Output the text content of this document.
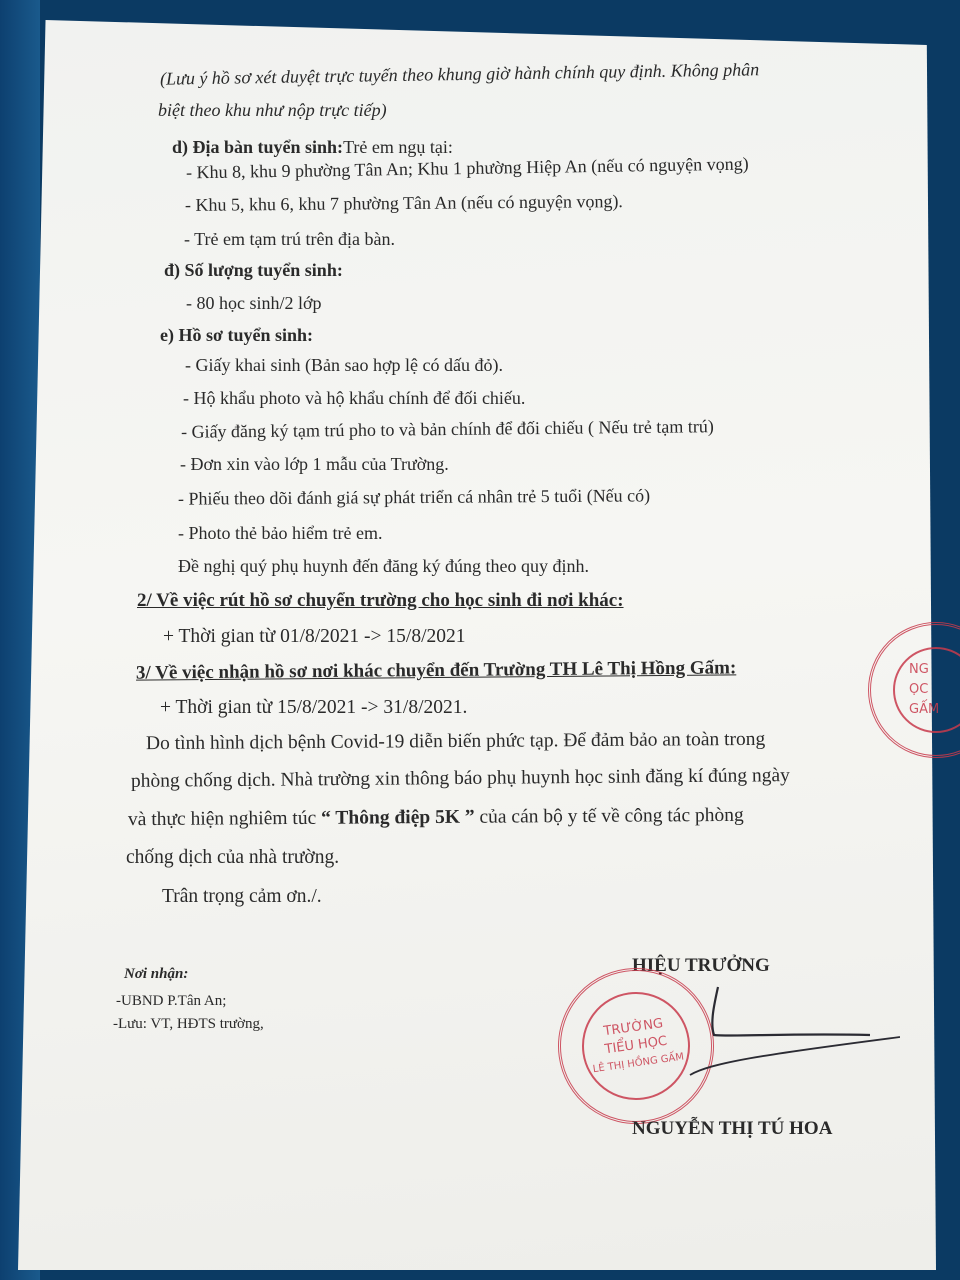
(Lưu ý hồ sơ xét duyệt trực tuyến theo khung giờ hành chính quy định. Không phân
biệt theo khu như nộp trực tiếp)
d) Địa bàn tuyển sinh:Trẻ em ngụ tại:
- Khu 8, khu 9 phường Tân An; Khu 1 phường Hiệp An (nếu có nguyện vọng)
- Khu 5, khu 6, khu 7 phường Tân An (nếu có nguyện vọng).
- Trẻ em tạm trú trên địa bàn.
đ) Số lượng tuyển sinh:
- 80 học sinh/2 lớp
e) Hồ sơ tuyển sinh:
- Giấy khai sinh (Bản sao hợp lệ có dấu đỏ).
- Hộ khẩu photo và hộ khẩu chính để đối chiếu.
- Giấy đăng ký tạm trú pho to và bản chính để đối chiếu ( Nếu trẻ tạm trú)
- Đơn xin vào lớp 1 mẫu của Trường.
- Phiếu theo dõi đánh giá sự phát triển cá nhân trẻ 5 tuổi (Nếu có)
- Photo thẻ bảo hiểm trẻ em.
Đề nghị quý phụ huynh đến đăng ký đúng theo quy định.
2/ Về việc rút hồ sơ chuyển trường cho học sinh đi nơi khác:
+ Thời gian từ 01/8/2021 -> 15/8/2021
3/ Về việc nhận hồ sơ nơi khác chuyển đến Trường TH Lê Thị Hồng Gấm:
+ Thời gian từ 15/8/2021 -> 31/8/2021.
Do tình hình dịch bệnh Covid-19 diễn biến phức tạp. Để đảm bảo an toàn trong
phòng chống dịch. Nhà trường xin thông báo phụ huynh học sinh đăng kí đúng ngày
và thực hiện nghiêm túc “ Thông điệp 5K ” của cán bộ y tế về công tác phòng
chống dịch của nhà trường.
Trân trọng cảm ơn./.
Nơi nhận:
-UBND P.Tân An;
-Lưu: VT, HĐTS trường,
HIỆU TRƯỞNG
TRƯỜNG
TIỂU HỌC
LÊ THỊ HỒNG GẤM
NGUYỄN THỊ TÚ HOA
NG
ỌC
GẤM
